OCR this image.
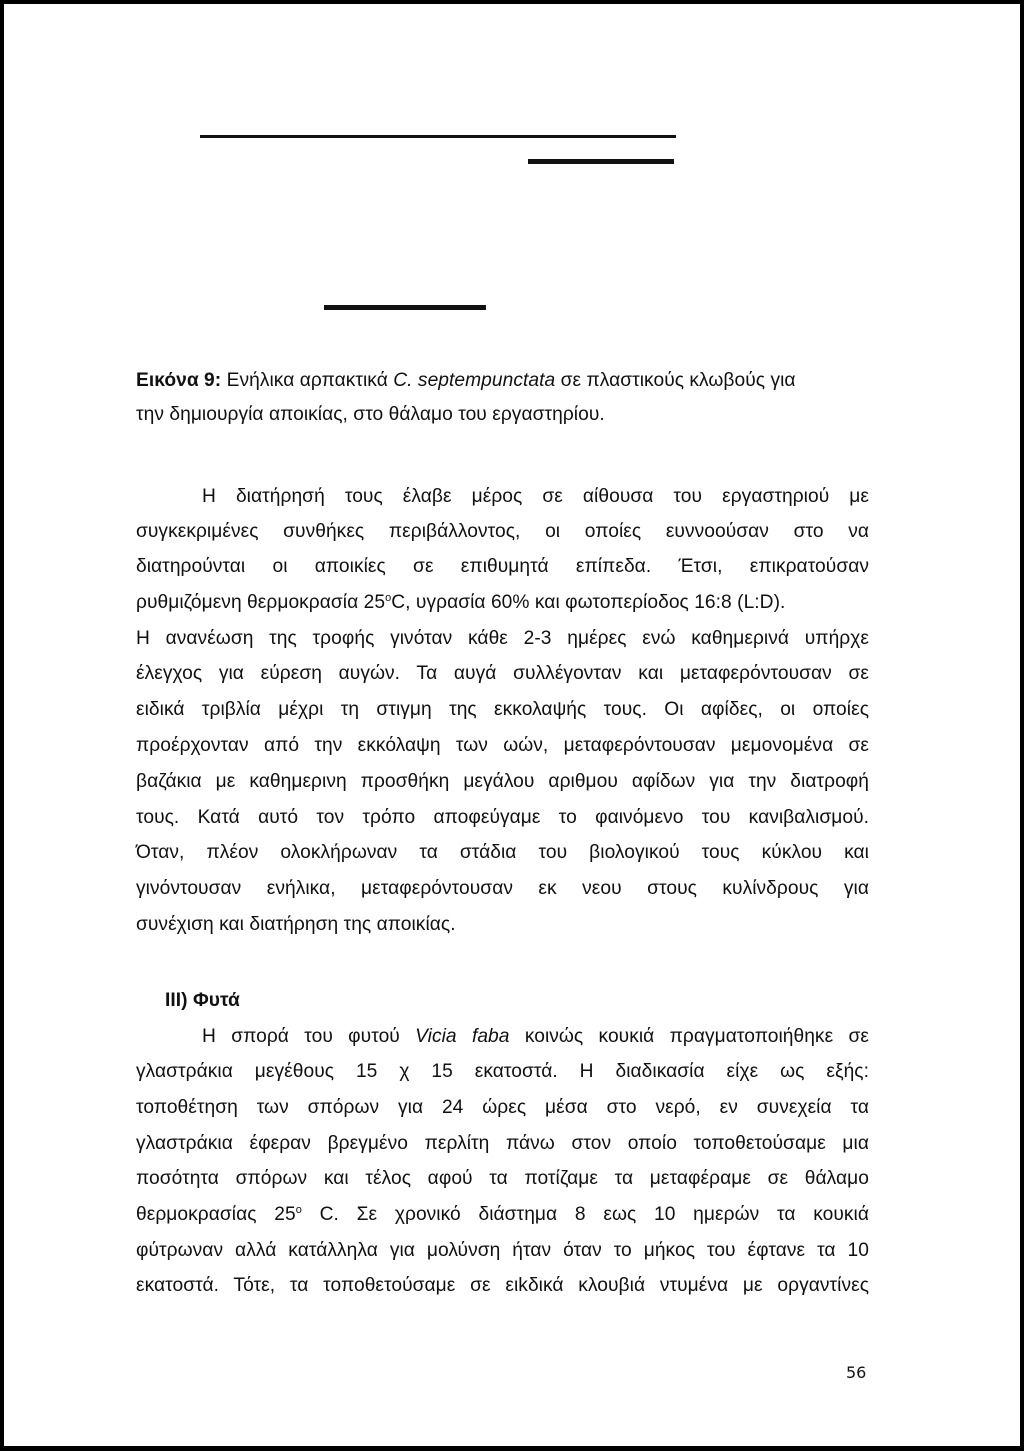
Εικόνα 9: Ενήλικα αρπακτικά C. septempunctata σε πλαστικούς κλωβούς για
την δημιουργία αποικίας, στο θάλαμο του εργαστηρίου.
Η διατήρησή τους έλαβε μέρος σε αίθουσα του εργαστηριού με
συγκεκριμένες συνθήκες περιβάλλοντος, οι οποίες ευννοούσαν στο να
διατηρούνται οι αποικίες σε επιθυμητά επίπεδα. Έτσι, επικρατούσαν
ρυθμιζόμενη θερμοκρασία 25$^o$C, υγρασία 60% και φωτοπερίοδος 16:8 (L:D).
Η ανανέωση της τροφής γινόταν κάθε 2-3 ημέρες ενώ καθημερινά υπήρχε
έλεγχος για εύρεση αυγών. Τα αυγά συλλέγονταν και μεταφερόντουσαν σε
ειδικά τριβλία μέχρι τη στιγμη της εκκολαψής τους. Οι αφίδες, οι οποίες
προέρχονταν από την εκκόλαψη των ωών, μεταφερόντουσαν μεμονομένα σε
βαζάκια με καθημερινη προσθήκη μεγάλου αριθμου αφίδων για την διατροφή
τους. Κατά αυτό τον τρόπο αποφεύγαμε το φαινόμενο του κανιβαλισμού.
Όταν, πλέον ολοκλήρωναν τα στάδια του βιολογικού τους κύκλου και
γινόντουσαν ενήλικα, μεταφερόντουσαν εκ νεου στους κυλίνδρους για
συνέχιση και διατήρηση της αποικίας.
III) Φυτά
Η σπορά του φυτού Vicia faba κοινώς κουκιά πραγματοποιήθηκε σε
γλαστράκια μεγέθους 15 χ 15 εκατοστά. Η διαδικασία είχε ως εξής:
τοποθέτηση των σπόρων για 24 ώρες μέσα στο νερό, εν συνεχεία τα
γλαστράκια έφεραν βρεγμένο περλίτη πάνω στον οποίο τοποθετούσαμε μια
ποσότητα σπόρων και τέλος αφού τα ποτίζαμε τα μεταφέραμε σε θάλαμο
θερμοκρασίας $25^o$ C. Σε χρονικό διάστημα 8 εως 10 ημερών τα κουκιά
φύτρωναν αλλά κατάλληλα για μολύνση ήταν όταν το μήκος του έφτανε τα 10
εκατοστά. Τότε, τα τοποθετούσαμε σε ειkδικά κλουβιά ντυμένα με οργαντίνες
56
